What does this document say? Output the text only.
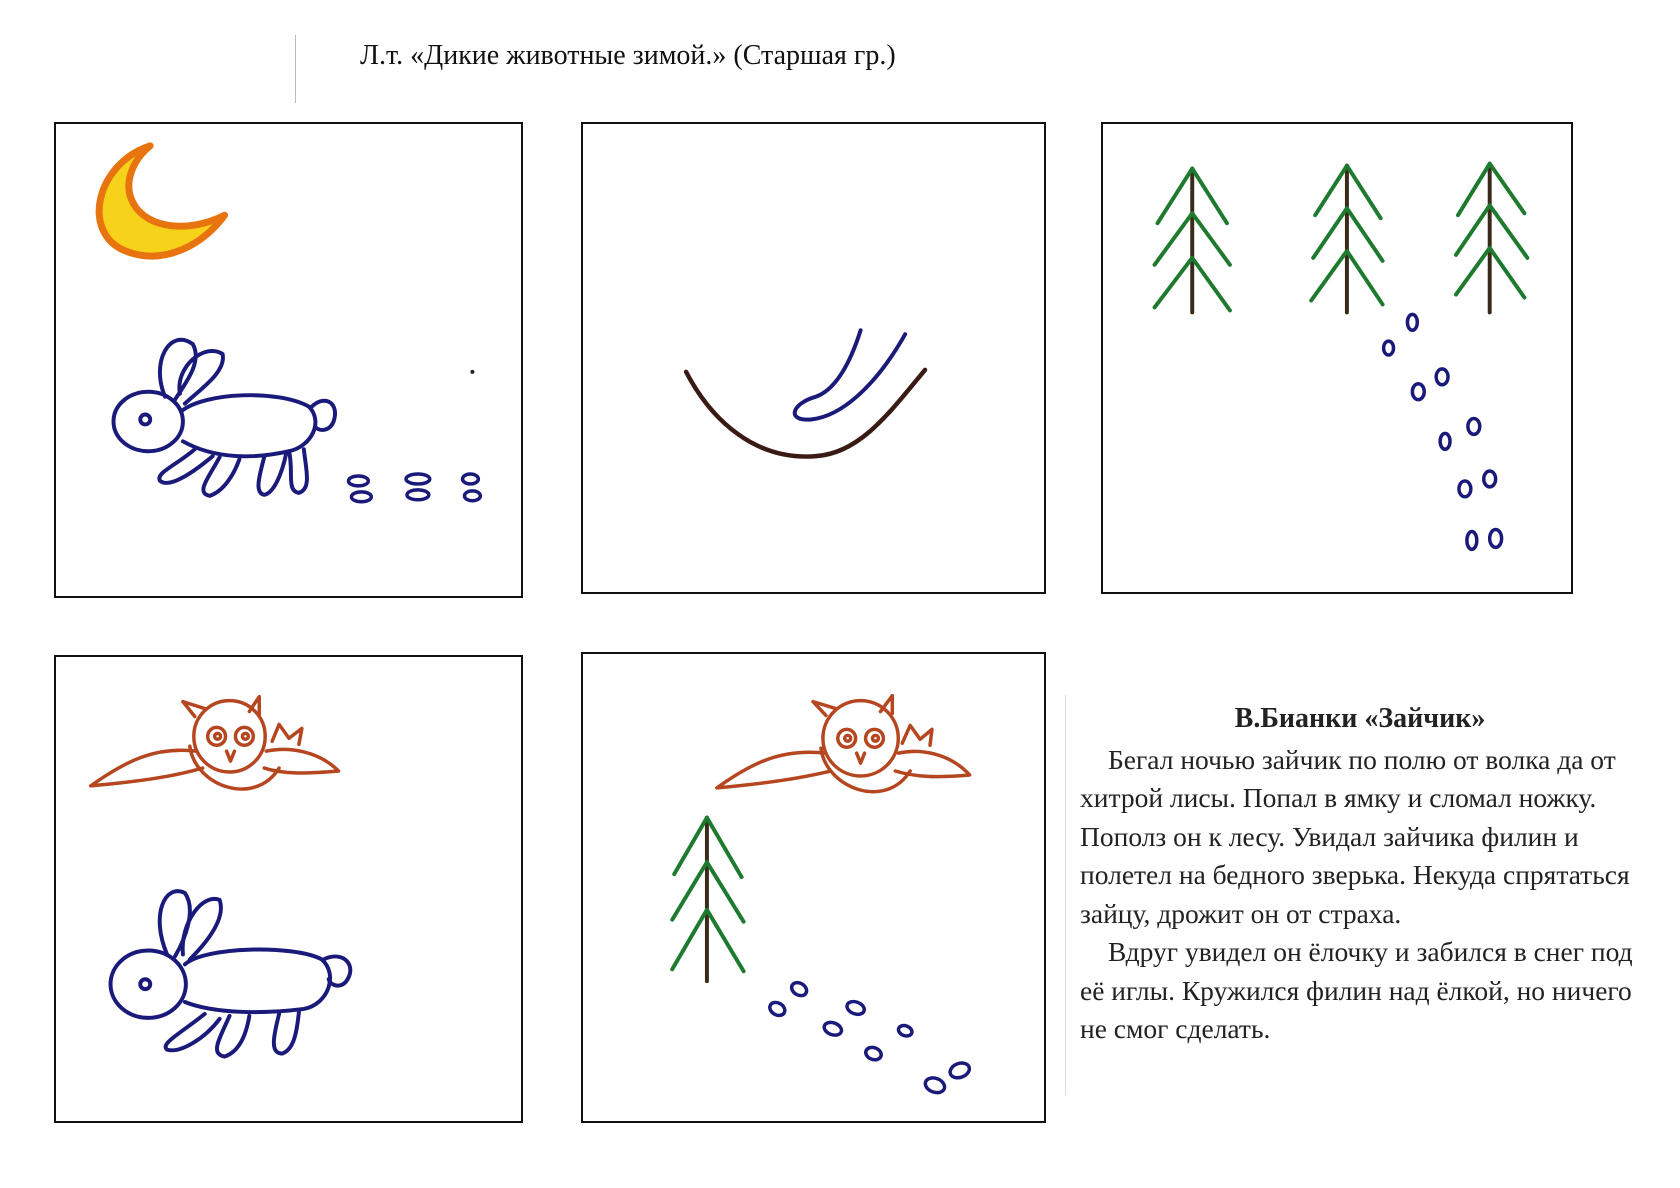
Л.т. «Дикие животные зимой.» (Старшая гр.)
В.Бианки «Зайчик»

Бегал ночью зайчик по полю от волка да от хитрой лисы. Попал в ямку и сломал ножку. Пополз он к лесу. Увидал зайчика филин и полетел на бедного зверька. Некуда спрятаться зайцу, дрожит он от страха.

Вдруг увидел он ёлочку и забился в снег под её иглы. Кружился филин над ёлкой, но ничего не смог сделать.
